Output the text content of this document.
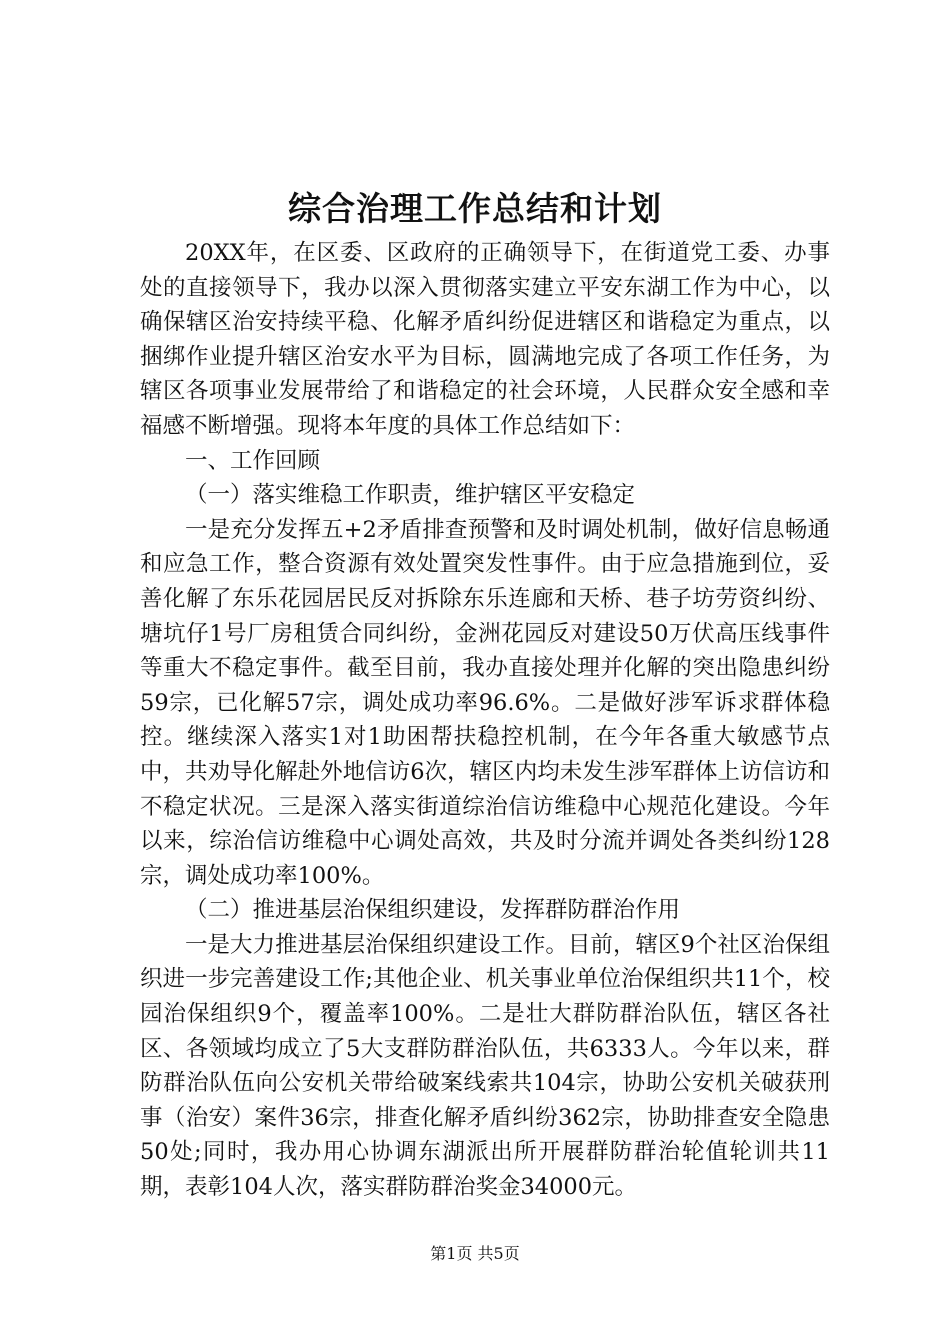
综合治理工作总结和计划

20XX年，在区委、区政府的正确领导下，在街道党工委、办事处的直接领导下，我办以深入贯彻落实建立平安东湖工作为中心，以确保辖区治安持续平稳、化解矛盾纠纷促进辖区和谐稳定为重点，以捆绑作业提升辖区治安水平为目标，圆满地完成了各项工作任务，为辖区各项事业发展带给了和谐稳定的社会环境，人民群众安全感和幸福感不断增强。现将本年度的具体工作总结如下：

一、工作回顾

（一）落实维稳工作职责，维护辖区平安稳定

一是充分发挥五+2矛盾排查预警和及时调处机制，做好信息畅通和应急工作，整合资源有效处置突发性事件。由于应急措施到位，妥善化解了东乐花园居民反对拆除东乐连廊和天桥、巷子坊劳资纠纷、塘坑仔1号厂房租赁合同纠纷，金洲花园反对建设50万伏高压线事件等重大不稳定事件。截至目前，我办直接处理并化解的突出隐患纠纷59宗，已化解57宗，调处成功率96.6%。二是做好涉军诉求群体稳控。继续深入落实1对1助困帮扶稳控机制，在今年各重大敏感节点中，共劝导化解赴外地信访6次，辖区内均未发生涉军群体上访信访和不稳定状况。三是深入落实街道综治信访维稳中心规范化建设。今年以来，综治信访维稳中心调处高效，共及时分流并调处各类纠纷128宗，调处成功率100%。

（二）推进基层治保组织建设，发挥群防群治作用

一是大力推进基层治保组织建设工作。目前，辖区9个社区治保组织进一步完善建设工作;其他企业、机关事业单位治保组织共11个，校园治保组织9个，覆盖率100%。二是壮大群防群治队伍，辖区各社区、各领域均成立了5大支群防群治队伍，共6333人。今年以来，群防群治队伍向公安机关带给破案线索共104宗，协助公安机关破获刑事（治安）案件36宗，排查化解矛盾纠纷362宗，协助排查安全隐患50处;同时，我办用心协调东湖派出所开展群防群治轮值轮训共11期，表彰104人次，落实群防群治奖金34000元。

第1页 共5页
